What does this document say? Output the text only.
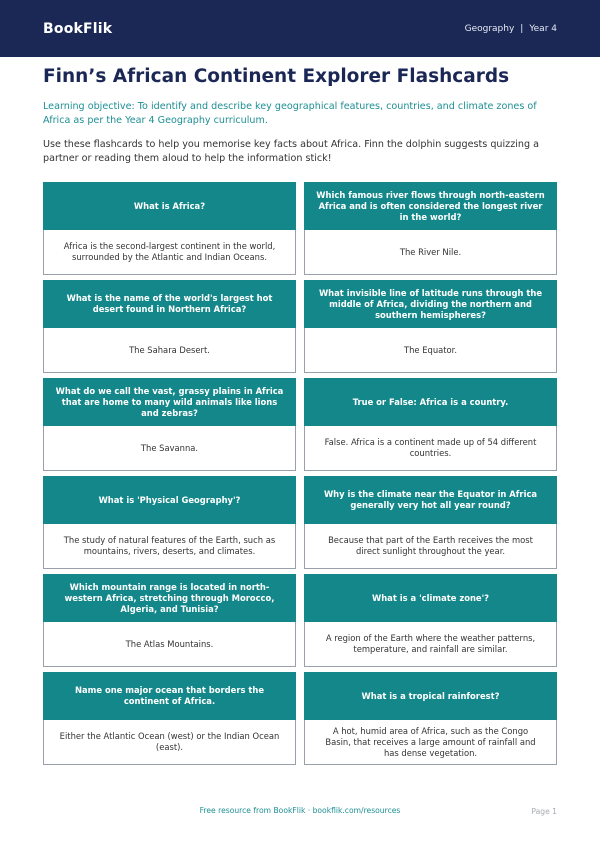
BookFlik	Geography | Year 4
Finn’s African Continent Explorer Flashcards

Learning objective: To identify and describe key geographical features, countries, and climate zones of Africa as per the Year 4 Geography curriculum.

Use these flashcards to help you memorise key facts about Africa. Finn the dolphin suggests quizzing a partner or reading them aloud to help the information stick!

What is Africa?
Africa is the second-largest continent in the world, surrounded by the Atlantic and Indian Oceans.
Which famous river flows through north-eastern Africa and is often considered the longest river in the world?
The River Nile.
What is the name of the world's largest hot desert found in Northern Africa?
The Sahara Desert.
What invisible line of latitude runs through the middle of Africa, dividing the northern and southern hemispheres?
The Equator.
What do we call the vast, grassy plains in Africa that are home to many wild animals like lions and zebras?
The Savanna.
True or False: Africa is a country.
False. Africa is a continent made up of 54 different countries.
What is 'Physical Geography'?
The study of natural features of the Earth, such as mountains, rivers, deserts, and climates.
Why is the climate near the Equator in Africa generally very hot all year round?
Because that part of the Earth receives the most direct sunlight throughout the year.
Which mountain range is located in north-western Africa, stretching through Morocco, Algeria, and Tunisia?
The Atlas Mountains.
What is a 'climate zone'?
A region of the Earth where the weather patterns, temperature, and rainfall are similar.
Name one major ocean that borders the continent of Africa.
Either the Atlantic Ocean (west) or the Indian Ocean (east).
What is a tropical rainforest?
A hot, humid area of Africa, such as the Congo Basin, that receives a large amount of rainfall and has dense vegetation.
Free resource from BookFlik · bookflik.com/resources	Page 1
